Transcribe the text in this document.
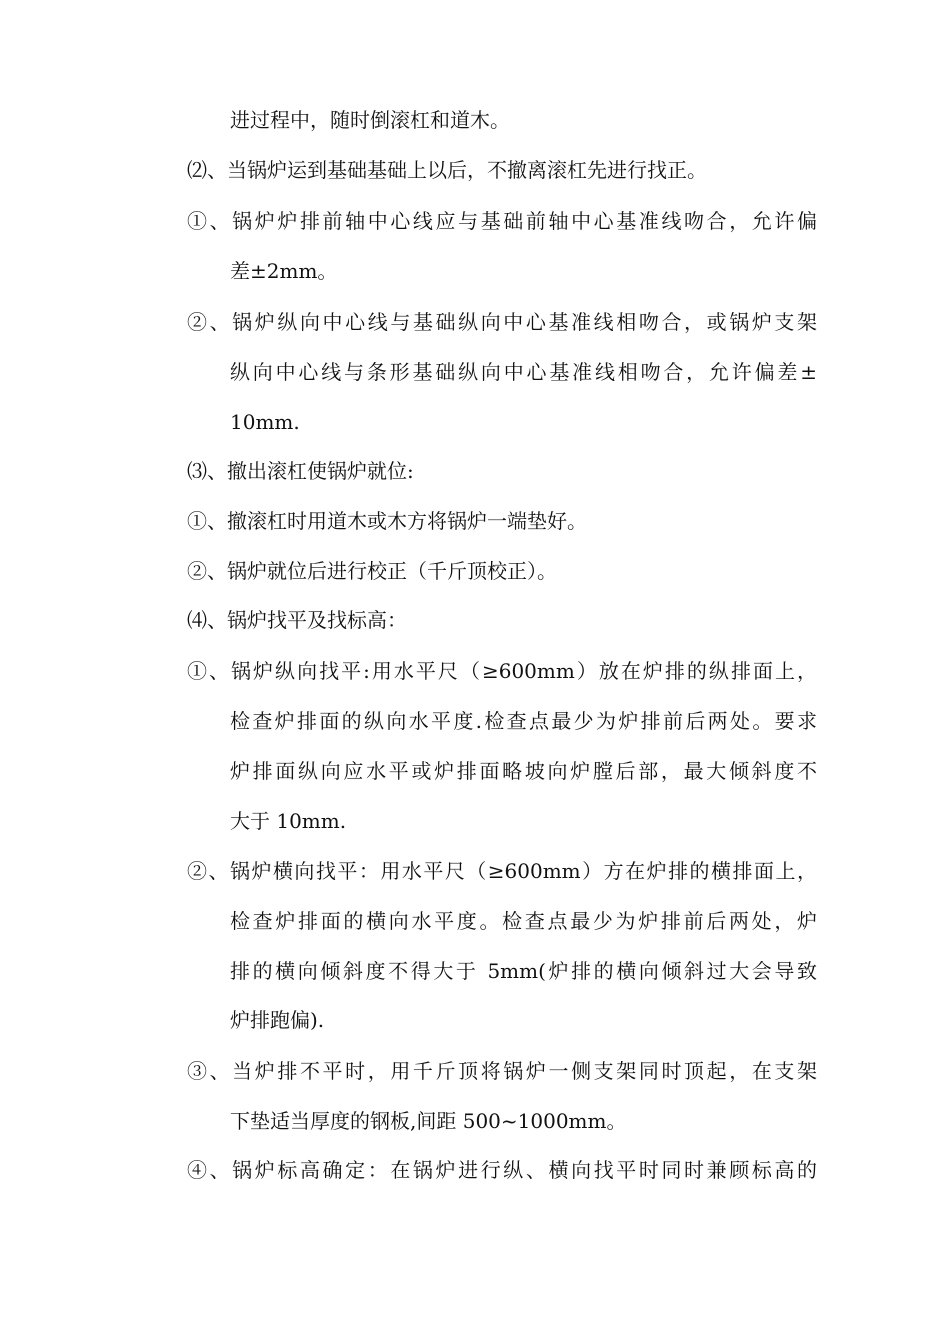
进过程中，随时倒滚杠和道木。
⑵、当锅炉运到基础基础上以后，不撤离滚杠先进行找正。
①、锅炉炉排前轴中心线应与基础前轴中心基准线吻合，允许偏
差±2mm。
②、锅炉纵向中心线与基础纵向中心基准线相吻合，或锅炉支架
纵向中心线与条形基础纵向中心基准线相吻合，允许偏差±
10mm.
⑶、撤出滚杠使锅炉就位:
①、撤滚杠时用道木或木方将锅炉一端垫好。
②、锅炉就位后进行校正（千斤顶校正）。
⑷、锅炉找平及找标高：
①、锅炉纵向找平:用水平尺（≥600mm）放在炉排的纵排面上，
检查炉排面的纵向水平度.检查点最少为炉排前后两处。要求
炉排面纵向应水平或炉排面略坡向炉膛后部，最大倾斜度不
大于 10mm.
②、锅炉横向找平：用水平尺（≥600mm）方在炉排的横排面上，
检查炉排面的横向水平度。检查点最少为炉排前后两处，炉
排的横向倾斜度不得大于 5mm(炉排的横向倾斜过大会导致
炉排跑偏).
③、当炉排不平时，用千斤顶将锅炉一侧支架同时顶起，在支架
下垫适当厚度的钢板,间距 500~1000mm。
④、锅炉标高确定：在锅炉进行纵、横向找平时同时兼顾标高的
